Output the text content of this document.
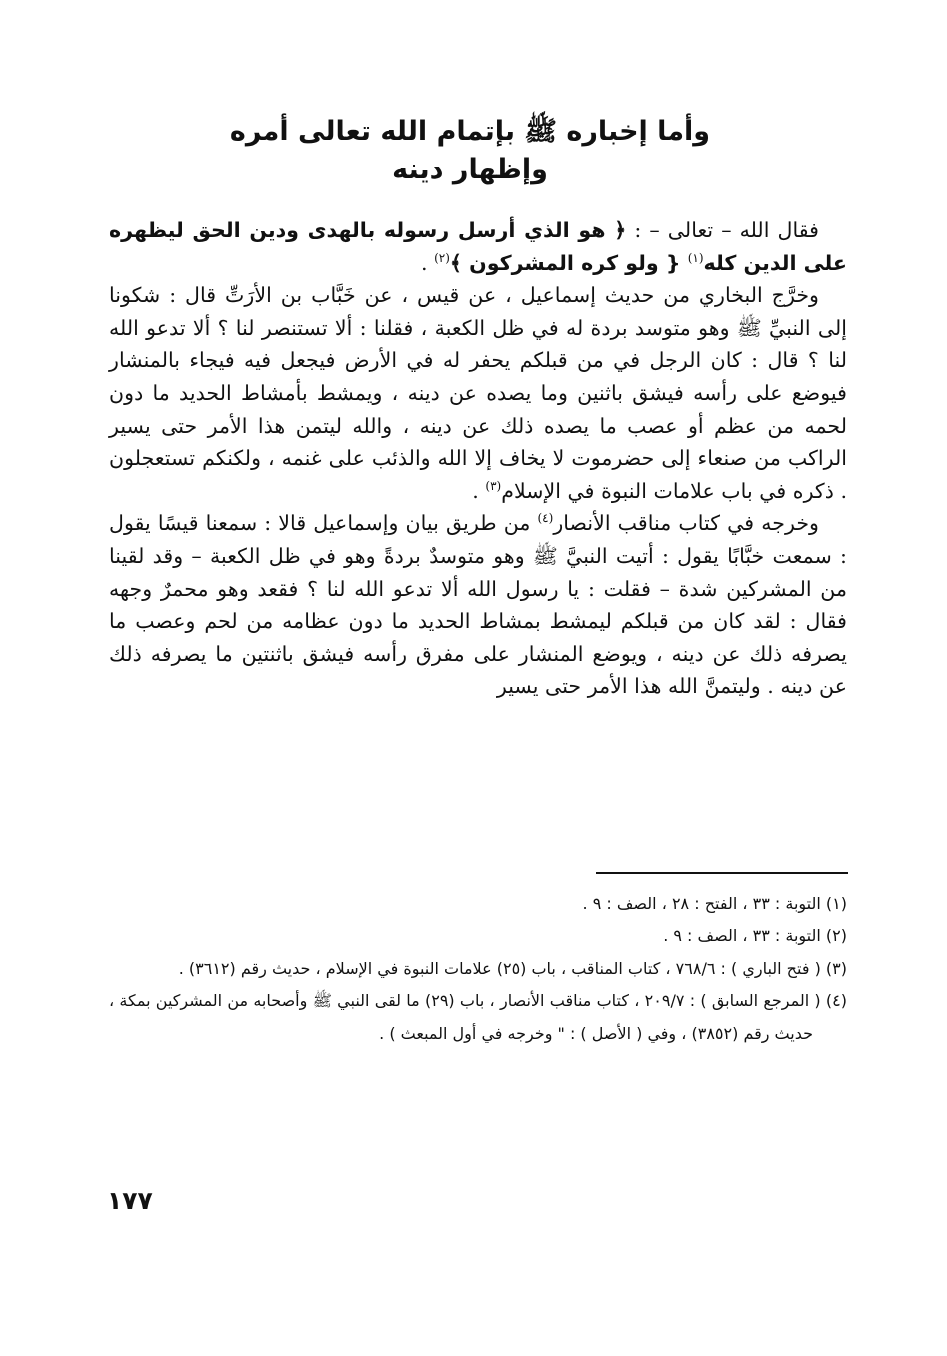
وأما إخباره ﷺ بإتمام الله تعالى أمره
وإظهار دينه

فقال الله – تعالى – : ﴿ هو الذي أرسل رسوله بالهدى ودين الحق ليظهره على الدين كله$^{(١)}$ { ولو كره المشركون ﴾$^{(٢)}$ .

وخرَّج البخاري من حديث إسماعيل ، عن قيس ، عن خَبَّاب بن الأرَتِّ قال : شكونا إلى النبيِّ ﷺ وهو متوسد بردة له في ظل الكعبة ، فقلنا : ألا تستنصر لنا ؟ ألا تدعو الله لنا ؟ قال : كان الرجل في من قبلكم يحفر له في الأرض فيجعل فيه فيجاء بالمنشار فيوضع على رأسه فيشق باثنين وما يصده عن دينه ، ويمشط بأمشاط الحديد ما دون لحمه من عظم أو عصب ما يصده ذلك عن دينه ، والله ليتمن هذا الأمر حتى يسير الراكب من صنعاء إلى حضرموت لا يخاف إلا الله والذئب على غنمه ، ولكنكم تستعجلون . ذكره في باب علامات النبوة في الإسلام$^{(٣)}$ .

وخرجه في كتاب مناقب الأنصار$^{(٤)}$ من طريق بيان وإسماعيل قالا : سمعنا قيسًا يقول : سمعت خبَّابًا يقول : أتيت النبيَّ ﷺ وهو متوسدٌ بردةً وهو في ظل الكعبة – وقد لقينا من المشركين شدة – فقلت : يا رسول الله ألا تدعو الله لنا ؟ فقعد وهو محمرٌ وجهه فقال : لقد كان من قبلكم ليمشط بمشاط الحديد ما دون عظامه من لحم وعصب ما يصرفه ذلك عن دينه ، ويوضع المنشار على مفرق رأسه فيشق باثنتين ما يصرفه ذلك عن دينه . وليتمنَّ الله هذا الأمر حتى يسير

(١) التوبة : ٣٣ ، الفتح : ٢٨ ، الصف : ٩ .

(٢) التوبة : ٣٣ ، الصف : ٩ .

(٣) ( فتح الباري ) : ٧٦٨/٦ ، كتاب المناقب ، باب (٢٥) علامات النبوة في الإسلام ، حديث رقم (٣٦١٢) .

(٤) ( المرجع السابق ) : ٢٠٩/٧ ، كتاب مناقب الأنصار ، باب (٢٩) ما لقى النبي ﷺ وأصحابه من المشركين بمكة ، حديث رقم (٣٨٥٢) ، وفي ( الأصل ) : " وخرجه في أول المبعث ) .

١٧٧
